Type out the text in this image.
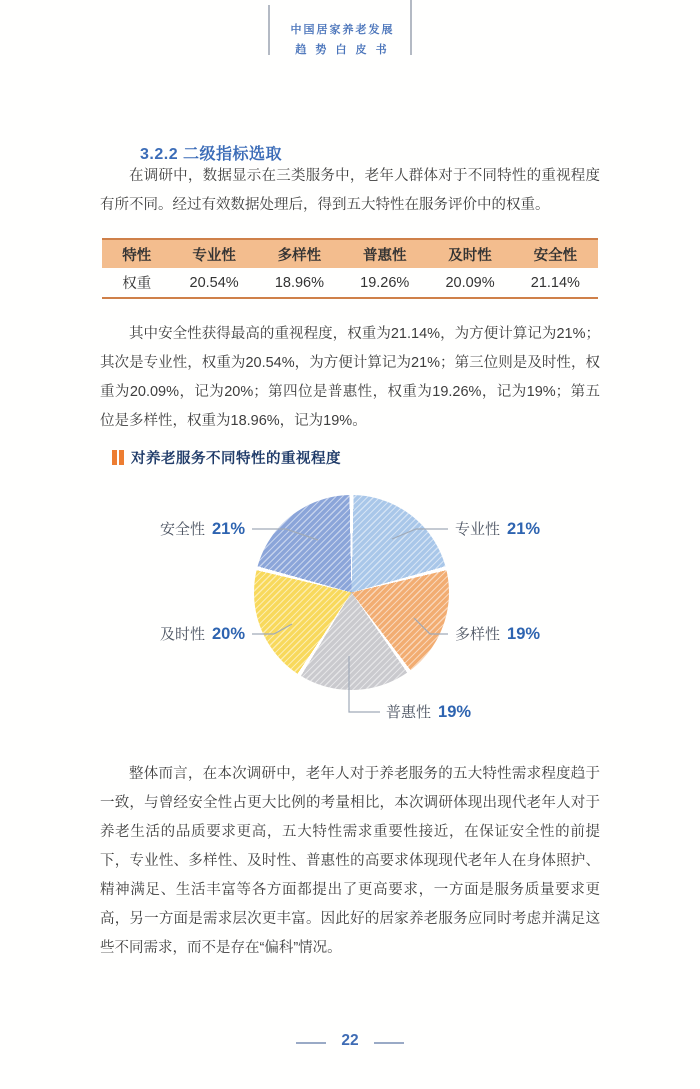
中国居家养老发展
趋 势 白 皮 书
3.2.2 二级指标选取

在调研中，数据显示在三类服务中，老年人群体对于不同特性的重视程度有所不同。经过有效数据处理后，得到五大特性在服务评价中的权重。

特性	专业性	多样性	普惠性	及时性	安全性
权重	20.54%	18.96%	19.26%	20.09%	21.14%

其中安全性获得最高的重视程度，权重为21.14%，为方便计算记为21%；其次是专业性，权重为20.54%，为方便计算记为21%；第三位则是及时性，权重为20.09%，记为20%；第四位是普惠性，权重为19.26%，记为19%；第五位是多样性，权重为18.96%，记为19%。

整体而言，在本次调研中，老年人对于养老服务的五大特性需求程度趋于一致，与曾经安全性占更大比例的考量相比，本次调研体现出现代老年人对于养老生活的品质要求更高，五大特性需求重要性接近，在保证安全性的前提下，专业性、多样性、及时性、普惠性的高要求体现现代老年人在身体照护、精神满足、生活丰富等各方面都提出了更高要求，一方面是服务质量要求更高，另一方面是需求层次更丰富。因此好的居家养老服务应同时考虑并满足这些不同需求，而不是存在“偏科”情况。

对养老服务不同特性的重视程度
安全性 21%	专业性 21%
及时性 20%	多样性 19%
普惠性 19%
22
